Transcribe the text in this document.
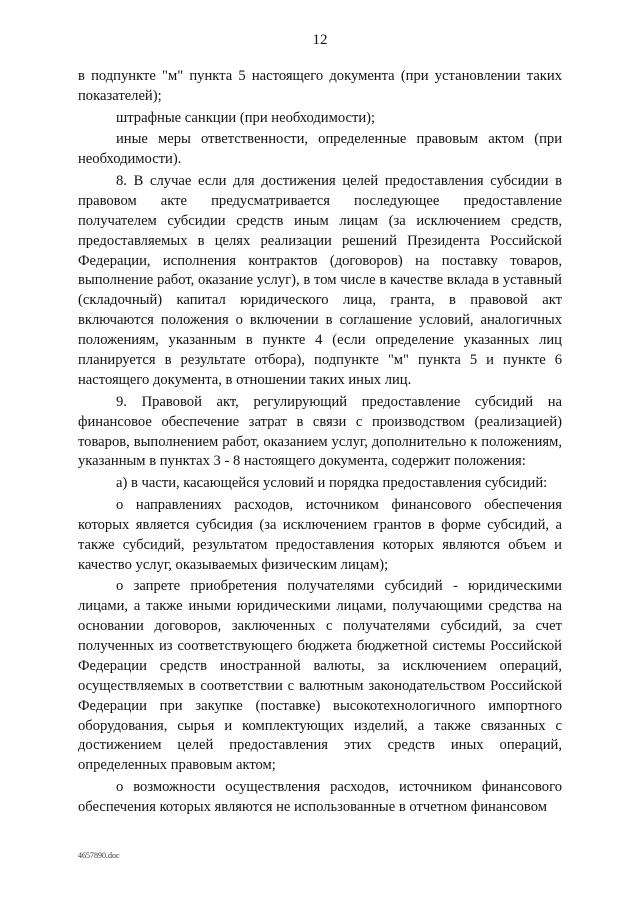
12

в подпункте "м" пункта 5 настоящего документа (при установлении таких показателей);

штрафные санкции (при необходимости);

иные меры ответственности, определенные правовым актом (при необходимости).

8. В случае если для достижения целей предоставления субсидии в правовом акте предусматривается последующее предоставление получателем субсидии средств иным лицам (за исключением средств, предоставляемых в целях реализации решений Президента Российской Федерации, исполнения контрактов (договоров) на поставку товаров, выполнение работ, оказание услуг), в том числе в качестве вклада в уставный (складочный) капитал юридического лица, гранта, в правовой акт включаются положения о включении в соглашение условий, аналогичных положениям, указанным в пункте 4 (если определение указанных лиц планируется в результате отбора), подпункте "м" пункта 5 и пункте 6 настоящего документа, в отношении таких иных лиц.

9. Правовой акт, регулирующий предоставление субсидий на финансовое обеспечение затрат в связи с производством (реализацией) товаров, выполнением работ, оказанием услуг, дополнительно к положениям, указанным в пунктах 3 - 8 настоящего документа, содержит положения:

а) в части, касающейся условий и порядка предоставления субсидий:

о направлениях расходов, источником финансового обеспечения которых является субсидия (за исключением грантов в форме субсидий, а также субсидий, результатом предоставления которых являются объем и качество услуг, оказываемых физическим лицам);

о запрете приобретения получателями субсидий - юридическими лицами, а также иными юридическими лицами, получающими средства на основании договоров, заключенных с получателями субсидий, за счет полученных из соответствующего бюджета бюджетной системы Российской Федерации средств иностранной валюты, за исключением операций, осуществляемых в соответствии с валютным законодательством Российской Федерации при закупке (поставке) высокотехнологичного импортного оборудования, сырья и комплектующих изделий, а также связанных с достижением целей предоставления этих средств иных операций, определенных правовым актом;

о возможности осуществления расходов, источником финансового обеспечения которых являются не использованные в отчетном финансовом

4657890.doc
